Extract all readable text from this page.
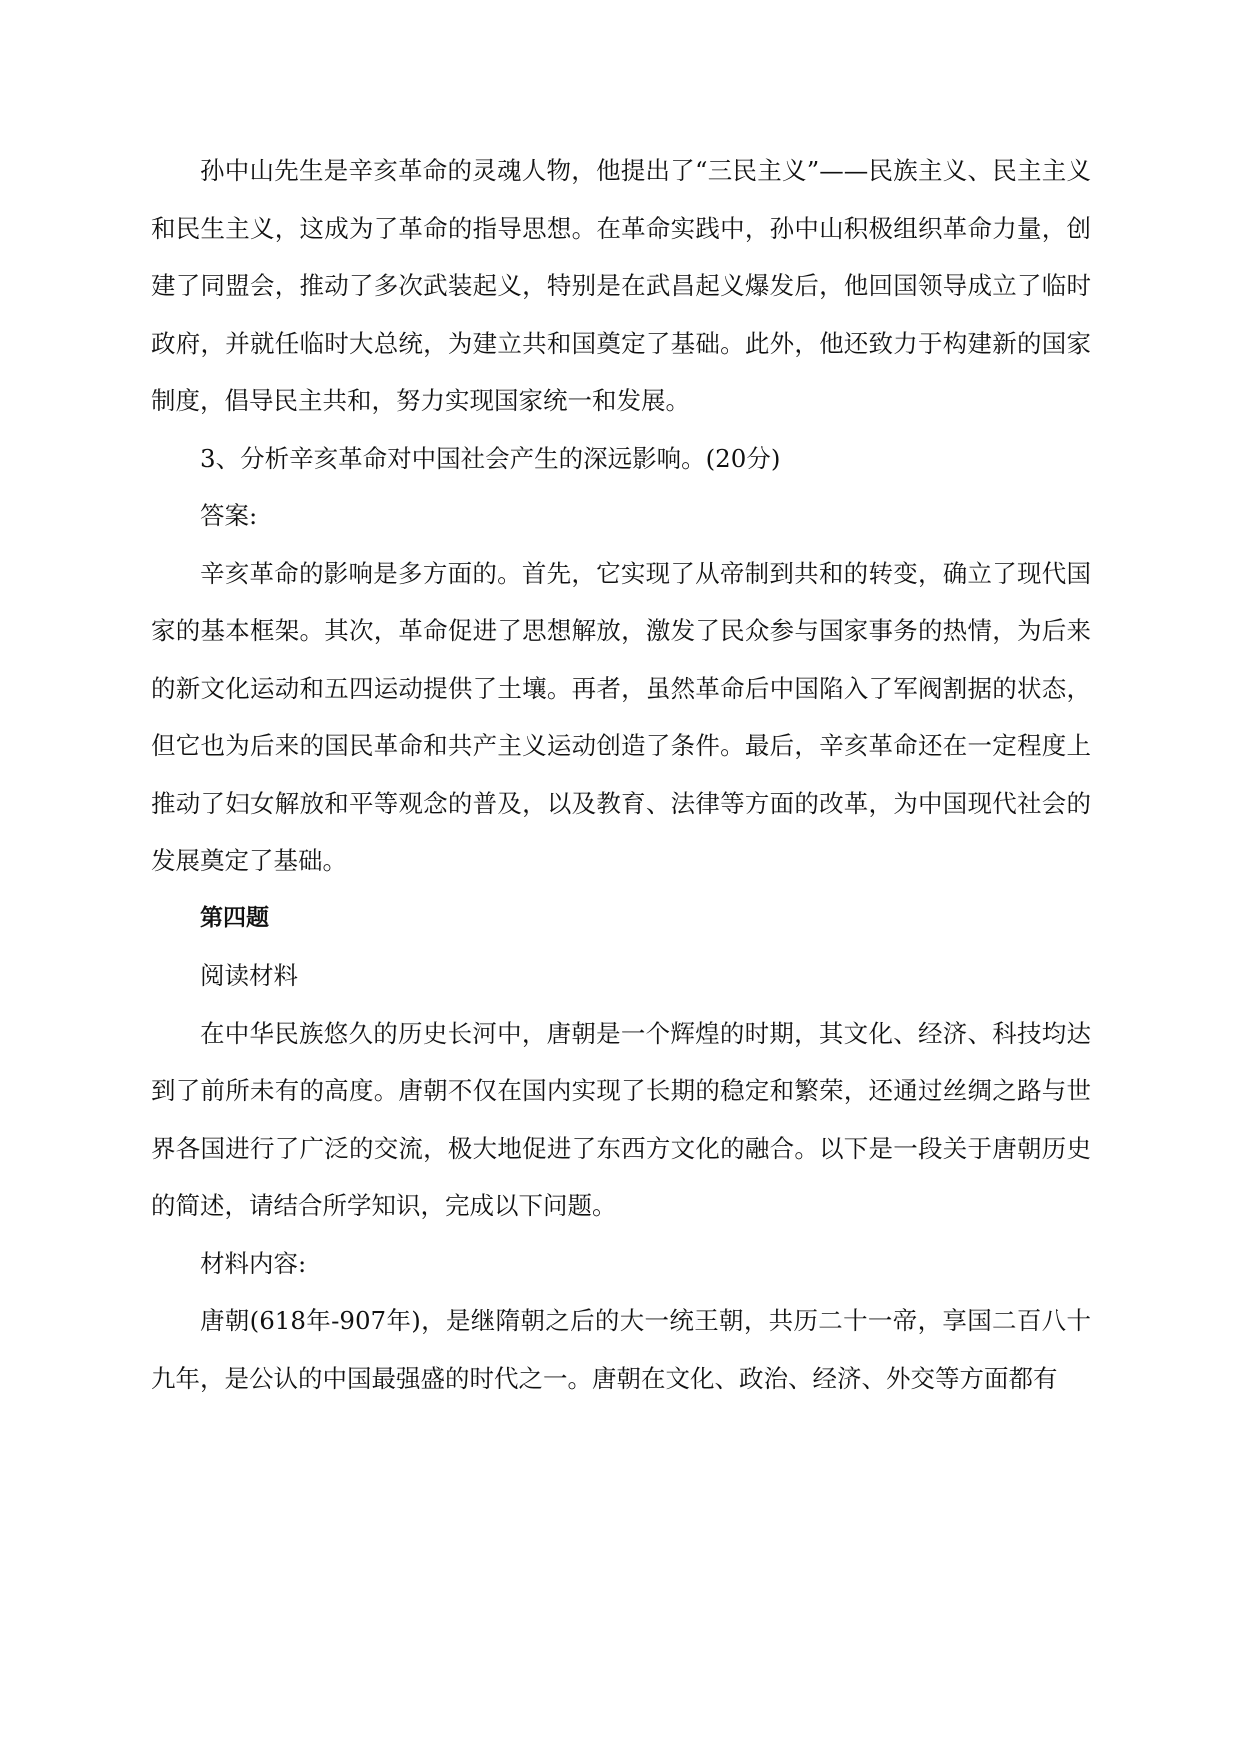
孙中山先生是辛亥革命的灵魂人物，他提出了“三民主义”——民族主义、民主主义和民生主义，这成为了革命的指导思想。在革命实践中，孙中山积极组织革命力量，创建了同盟会，推动了多次武装起义，特别是在武昌起义爆发后，他回国领导成立了临时政府，并就任临时大总统，为建立共和国奠定了基础。此外，他还致力于构建新的国家制度，倡导民主共和，努力实现国家统一和发展。

3、分析辛亥革命对中国社会产生的深远影响。(20分)

答案:

辛亥革命的影响是多方面的。首先，它实现了从帝制到共和的转变，确立了现代国家的基本框架。其次，革命促进了思想解放，激发了民众参与国家事务的热情，为后来的新文化运动和五四运动提供了土壤。再者，虽然革命后中国陷入了军阀割据的状态，但它也为后来的国民革命和共产主义运动创造了条件。最后，辛亥革命还在一定程度上推动了妇女解放和平等观念的普及，以及教育、法律等方面的改革，为中国现代社会的发展奠定了基础。

第四题

阅读材料

在中华民族悠久的历史长河中，唐朝是一个辉煌的时期，其文化、经济、科技均达到了前所未有的高度。唐朝不仅在国内实现了长期的稳定和繁荣，还通过丝绸之路与世界各国进行了广泛的交流，极大地促进了东西方文化的融合。以下是一段关于唐朝历史的简述，请结合所学知识，完成以下问题。

材料内容:

唐朝(618年-907年)，是继隋朝之后的大一统王朝，共历二十一帝，享国二百八十九年，是公认的中国最强盛的时代之一。唐朝在文化、政治、经济、外交等方面都有
